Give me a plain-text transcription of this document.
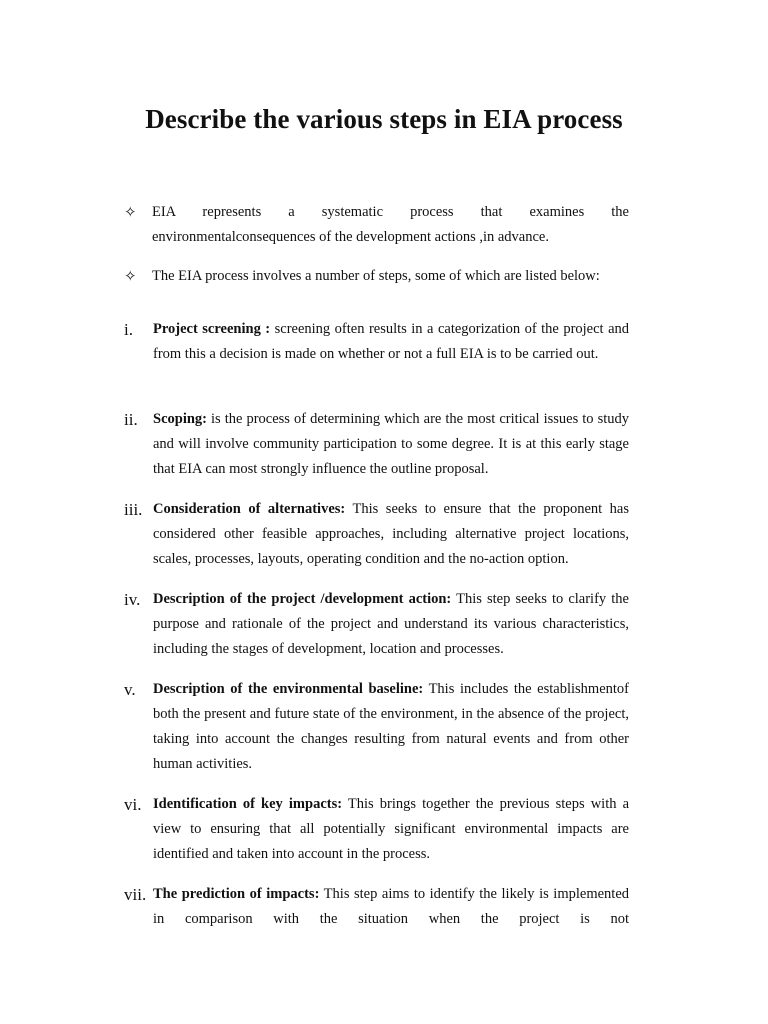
Describe the various steps in EIA process
✧	EIA represents a systematic process that examines the
environmentalconsequences of the development actions ,in advance.
✧	The EIA process involves a number of steps, some of which are listed below:
i. Project screening : screening often results in a categorization of the project and from this a decision is made on whether or not a full EIA is to be carried out.
ii. Scoping: is the process of determining which are the most critical issues to study and will involve community participation to some degree. It is at this early stage that EIA can most strongly influence the outline proposal.
iii. Consideration of alternatives: This seeks to ensure that the proponent has considered other feasible approaches, including alternative project locations, scales, processes, layouts, operating condition and the no-action option.
iv. Description of the project /development action: This step seeks to clarify the purpose and rationale of the project and understand its various characteristics, including the stages of development, location and processes.
v. Description of the environmental baseline: This includes the establishmentof both the present and future state of the environment, in the absence of the project, taking into account the changes resulting from natural events and from other human activities.
vi. Identification of key impacts: This brings together the previous steps with a view to ensuring that all potentially significant environmental impacts are identified and taken into account in the process.
vii. The prediction of impacts: This step aims to identify the likely is implemented in comparison with the situation when the project is not
